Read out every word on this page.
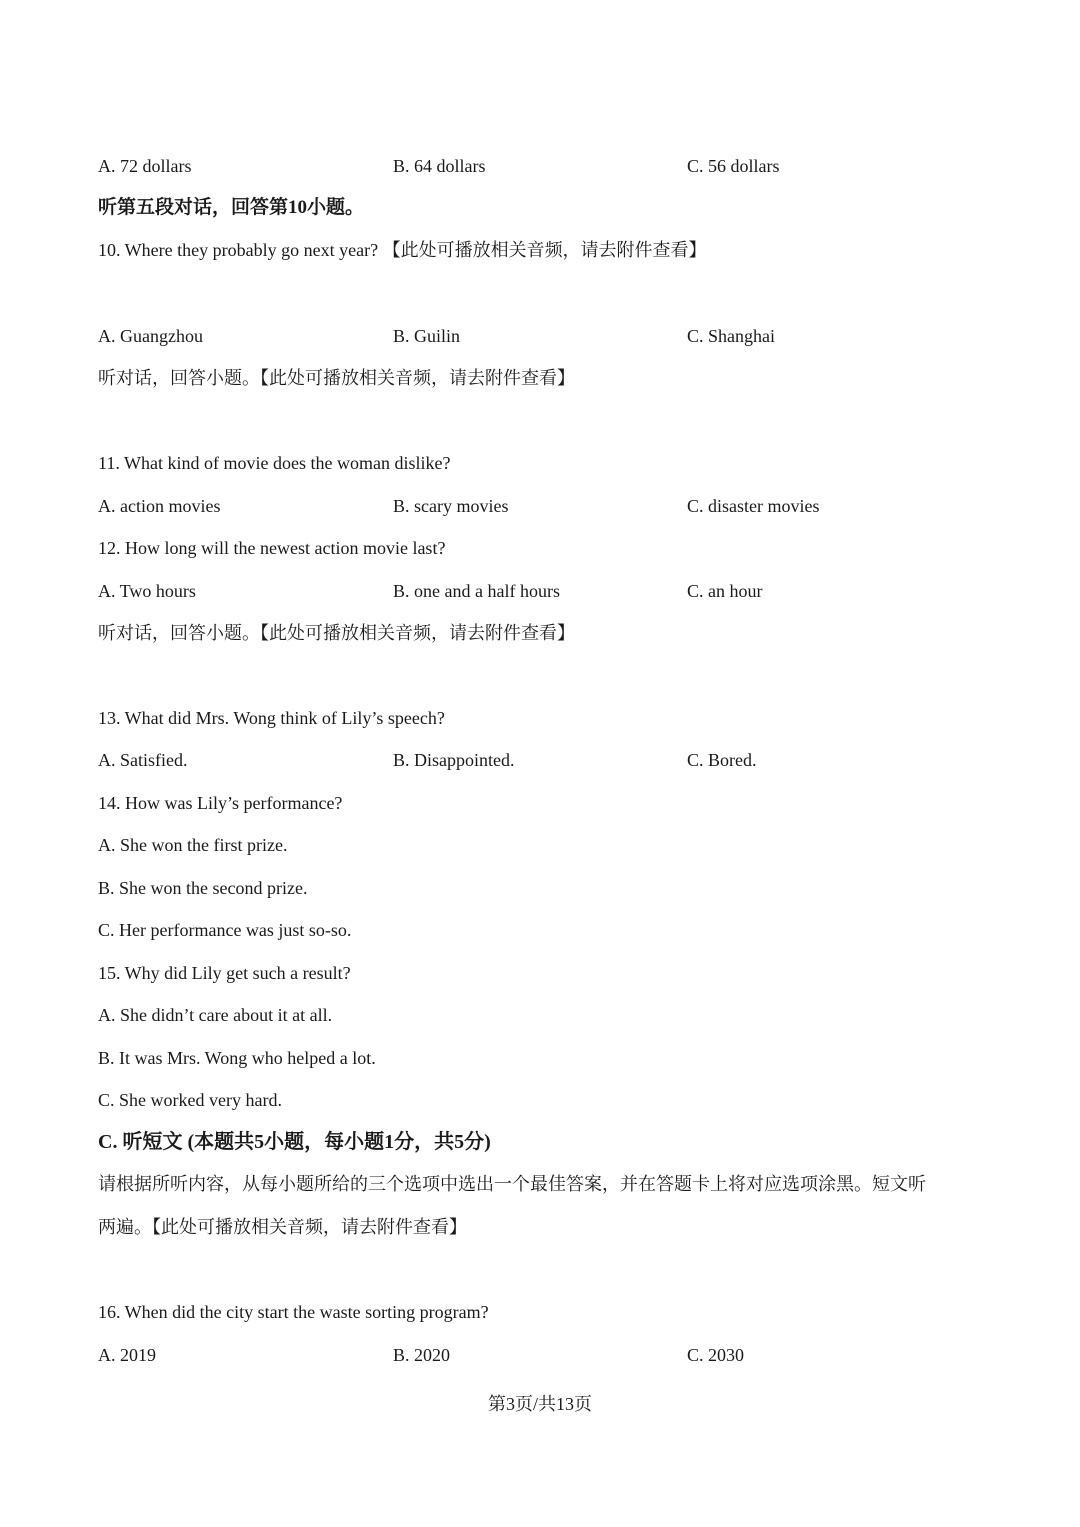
A. 72 dollars	B. 64 dollars	C. 56 dollars
听第五段对话，回答第10小题。
10. Where they probably go next year? 【此处可播放相关音频，请去附件查看】
A. Guangzhou	B. Guilin	C. Shanghai
听对话，回答小题。【此处可播放相关音频，请去附件查看】
11. What kind of movie does the woman dislike?
A. action movies	B. scary movies	C. disaster movies
12. How long will the newest action movie last?
A. Two hours	B. one and a half hours	C. an hour
听对话，回答小题。【此处可播放相关音频，请去附件查看】
13. What did Mrs. Wong think of Lily’s speech?
A. Satisfied.	B. Disappointed.	C. Bored.
14. How was Lily’s performance?
A. She won the first prize.
B. She won the second prize.
C. Her performance was just so-so.
15. Why did Lily get such a result?
A. She didn’t care about it at all.
B. It was Mrs. Wong who helped a lot.
C. She worked very hard.
C. 听短文 (本题共5小题，每小题1分，共5分)
请根据所听内容，从每小题所给的三个选项中选出一个最佳答案，并在答题卡上将对应选项涂黑。短文听
两遍。【此处可播放相关音频，请去附件查看】
16. When did the city start the waste sorting program?
A. 2019	B. 2020	C. 2030
第3页/共13页
